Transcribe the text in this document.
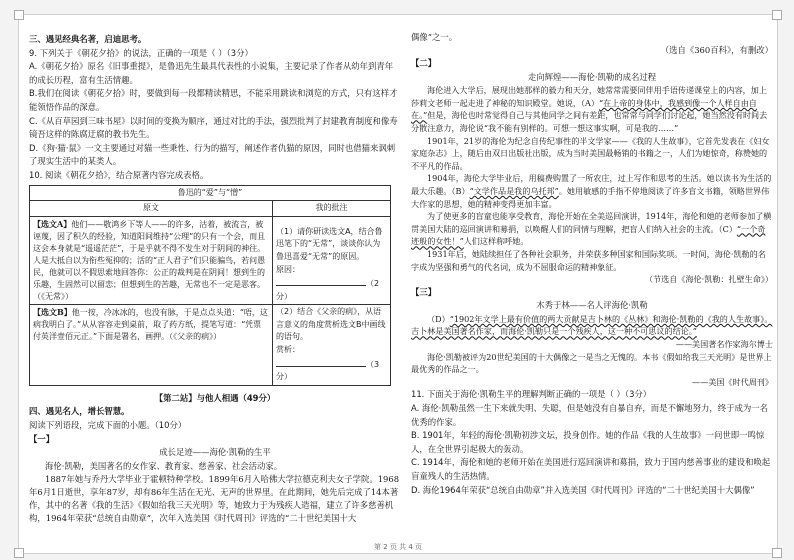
三、遇见经典名著，启迪思考。

9. 下列关于《朝花夕拾》的说法，正确的一项是（ ）（3分）

A.《朝花夕拾》原名《旧事重提》，是鲁迅先生最具代表性的小说集，主要记录了作者从幼年到青年的成长历程，富有生活情趣。

B.我们在阅读《朝花夕拾》时，要做到每一段都精读精思，不能采用跳读和浏览的方式，只有这样才能领悟作品的深意。

C.《从百草园到三味书屋》以时间的变换为顺序，通过对比的手法，强烈批判了封建教育制度和像寿镜吾这样的陈腐迂腐的教书先生。

D.《狗·猫·鼠》一文主要通过对猫一些秉性、行为的描写，阐述作者仇猫的原因，同时也借猫来讽刺了现实生活中的某类人。

10. 阅读《朝花夕拾》，结合原著内容完成表格。

鲁迅的“爱”与“憎”	
原文	我的批注
【选文A】他们——敬鸿乡下等人——的许多，沽着，被流言，被诬蔑，因了积久的经验，知道阳间维持“公理”的只有一个会，而且这会本身就是“遥遥茫茫”，于是乎就不得不发生对于阴间的神往。人是大抵自以为衔些冤抑的；活的“正人君子”们只能骗鸟，若问愚民，他就可以不假思索地回答你：公正的裁判是在阴间！想到生的乐趣，生固然可以留恋；但想到生的苦趣，无常也不一定是恶客。（《无常》）	（1）请你研读选文A，结合鲁迅笔下的“无常”，谈谈你认为鲁迅喜爱“无常”的原因。
原因：（2分）

【选文B】他一按，冷冰冰的，也没有脉，于是点点头道：“唔，这病我明白了。”从从容容走到桌前，取了药方纸，提笔写道：“凭票付英洋壹佰元正。”下面是署名，画押。（《父亲的病》）	（2）结合《父亲的病》，从语言意义的角度赏析选文B中画线的语句。
赏析：（3分）

【第二站】与他人相遇（49分）

四、遇见名人，增长智慧。

阅读下列语段，完成下面的小题。（10分）

【一】

成长足迹——海伦·凯勒的生平

海伦·凯勒，美国著名的女作家、教育家、慈善家、社会活动家。

1887年她与乔丹大学毕业于霍顿特种学校。1899年6月入哈佛大学拉德克利夫女子学院。1968年6月1日逝世，享年87岁，却有86年生活在无光、无声的世界里。在此期间，她先后完成了14本著作，其中的名著《我的生活》《假如给我三天光明》等，她致力于为残疾人造福，建立了许多慈善机构，1964年荣获“总统自由勋章”，次年入选美国《时代周刊》评选的“二十世纪美国十大

偶像”之一。

（选自《360百科》，有删改）

【二】

走向辉煌——海伦·凯勒的成名过程

海伦进入大学后，展现出她那样的毅力和天分，她常常需要同伴用手语传递课堂上的内容，加上莎莉文老师一起走进了神秘的知识殿堂。她说，（A）“在上帝的身体中，我感到像一个人样自由自在。”但是，海伦也时常觉得自己与其他同学之间有差距，也常常与同学们讨论起，她当然没有时间去分散注意力，海伦说“我不能有别样的。可想一想这事实啊，可是我的……”

1901年，21岁的海伦为纪念自传纪事性的半文学家——《我的人生故事》，它首先发表在《妇女家庭杂志》上，随后由双日出版社出版，成为当时美国最畅销的书籍之一，人们为她惊奇，称赞她的不平凡的作品。

1904年，海伦大学毕业后，用稿费购置了一所农庄，过上写作和思考的生活。她以读书为生活的最大乐趣。（B）“文学作品是我的乌托邦”。她用敏感的手指不停地阅读了许多盲文书籍，领略世界伟大作家的思想，她的精神变得更加丰富。

为了使更多的盲童也能享受教育，海伦开始在全美巡回演讲，1914年，海伦和她的老师参加了横贯美国大陆的巡回演讲和募捐，以唤醒人们的同情与理解，把盲人们纳入社会的主流。（C）“一个奇迹般的女性！”人们这样称呼她。

1931年后，她陆续担任了各种社会职务，并荣获多种国家和国际奖项。一时间，海伦·凯勒的名字成为坚强和勇气的代名词，成为不屈服命运的精神象征。

（节选自《海伦·凯勒：扎壁生命》）

【三】

木秀于林——名人评海伦·凯勒

（D）“1902年文学上最有价值的两大贡献是吉卜林的《丛林》和海伦·凯勒的《我的人生故事》。吉卜林是美国著名作家，而海伦·凯勒只是一个残疾人，这一种不可思议的结论。”

——美国著名作家海尔博士

海伦·凯勒被评为20世纪美国的十大偶像之一是当之无愧的。本书《假如给我三天光明》是世界上最优秀的作品之一。

——美国《时代周刊》

11. 下面关于海伦·凯勒生平的理解判断正确的一项是（ ）（3分）

A. 海伦·凯勒虽然一生下来就失明、失聪，但是她没有自暴自弃，而是不懈地努力，终于成为一名优秀的作家。

B. 1901年，年轻的海伦·凯勒初涉文坛，投身创作。她的作品《我的人生故事》一问世即一鸣惊人，在全世界引起极大的轰动。

C. 1914年，海伦和她的老师开始在美国进行巡回演讲和募捐，致力于国内慈善事业的建设和唤起盲童残人的生活热情。

D. 海伦1964年荣获“总统自由勋章”并入选美国《时代周刊》评选的“二十世纪美国十大偶像”

第 2 页 共 4 页
